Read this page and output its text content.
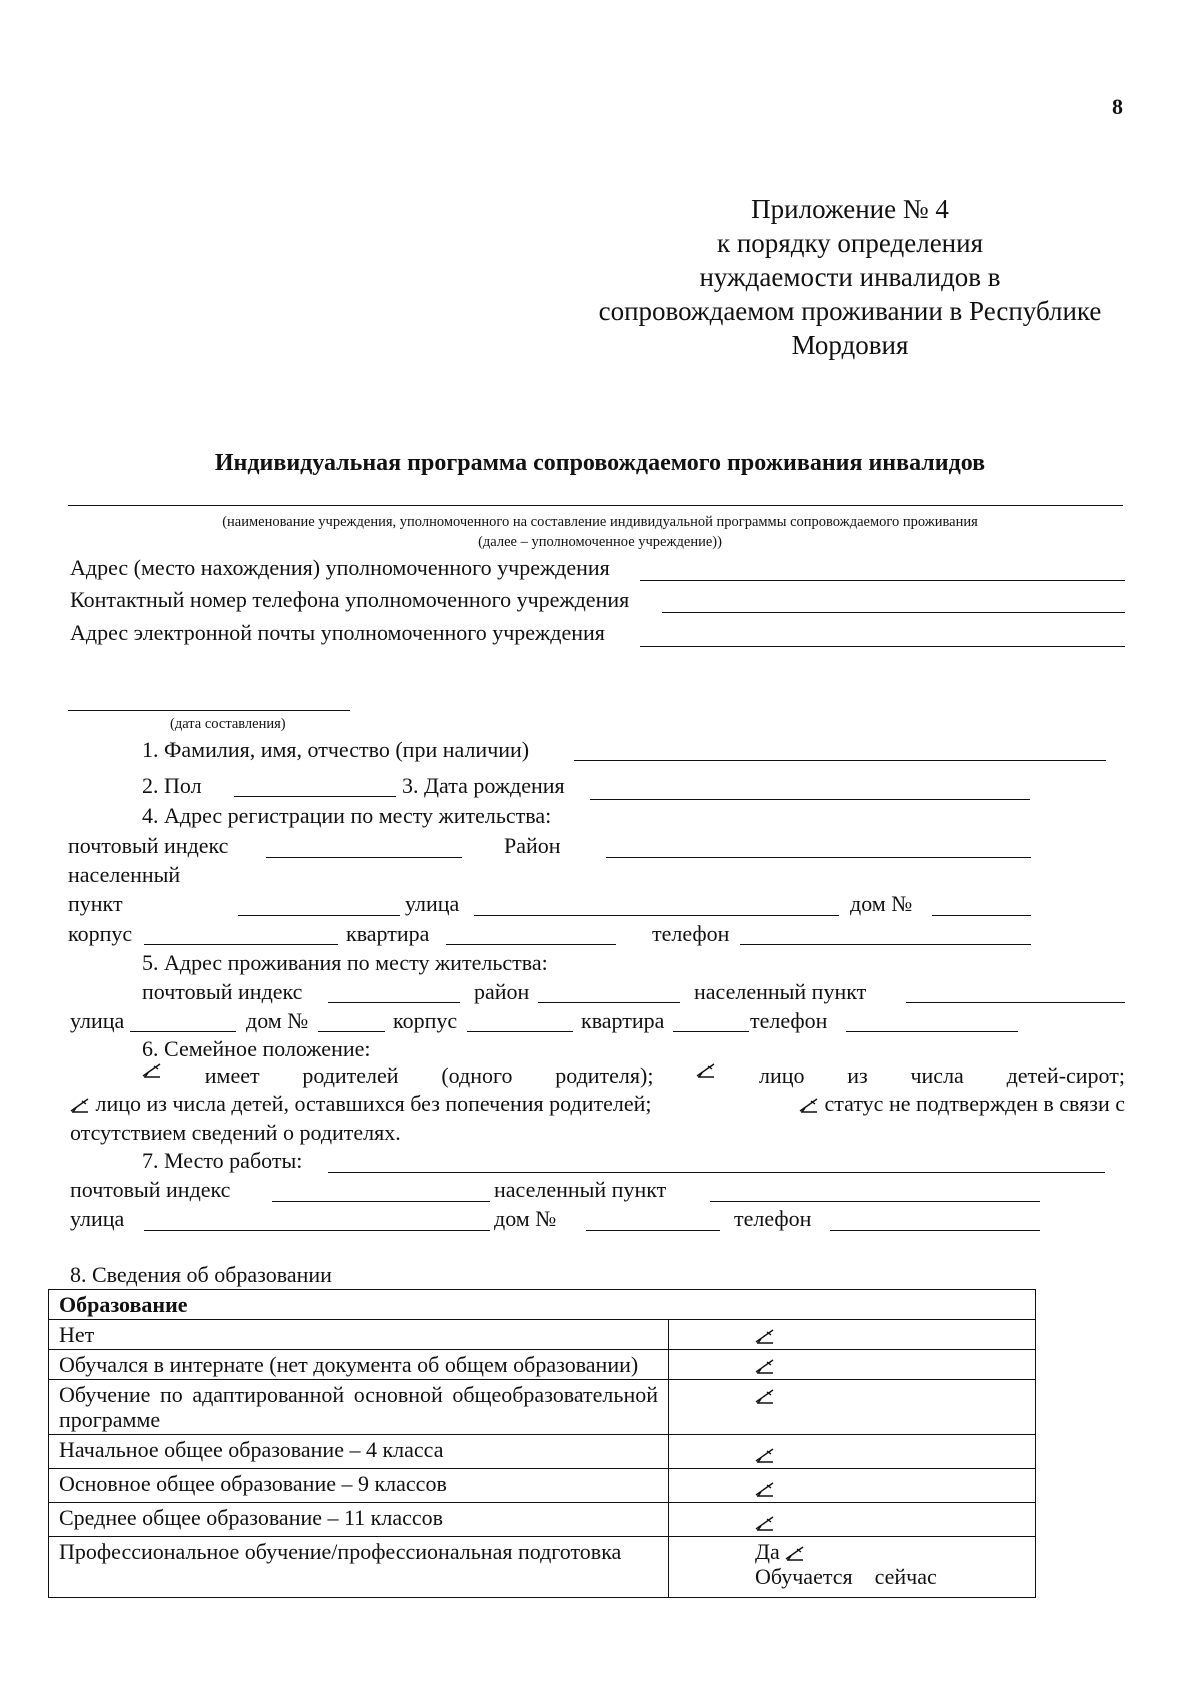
8
Приложение № 4
к порядку определения
нуждаемости инвалидов в
сопровождаемом проживании в Республике
Мордовия
Индивидуальная программа сопровождаемого проживания инвалидов
(наименование учреждения, уполномоченного на составление индивидуальной программы сопровождаемого проживания
(далее – уполномоченное учреждение))
Адрес (место нахождения) уполномоченного учреждения
Контактный номер телефона уполномоченного учреждения
Адрес электронной почты уполномоченного учреждения
(дата составления)
1. Фамилия, имя, отчество (при наличии)
2. Пол	3. Дата рождения
4. Адрес регистрации по месту жительства:
почтовый индекс	Район
населенный
пункт	улица	дом №
корпус	квартира	телефон
5. Адрес проживания по месту жительства:
почтовый индекс	район	населенный пункт
улица	дом №	корпус	квартира	телефон
6. Семейное положение:
имеет родителей (одного родителя);	лицо из числа детей-сирот;
лицо из числа детей, оставшихся без попечения родителей;	статус не подтвержден в связи с
отсутствием сведений о родителях.
7. Место работы:
почтовый индекс	населенный пункт
улица	дом №	телефон
8. Сведения об образовании
Образование	
Нет	

Обучался в интернате (нет документа об общем образовании)	

Обучение по адаптированной основной общеобразовательной программе	

Начальное общее образование – 4 класса	

Основное общее образование – 9 классов	

Среднее общее образование – 11 классов	

Профессиональное обучение/профессиональная подготовка	Да
Обучается    сейчас
